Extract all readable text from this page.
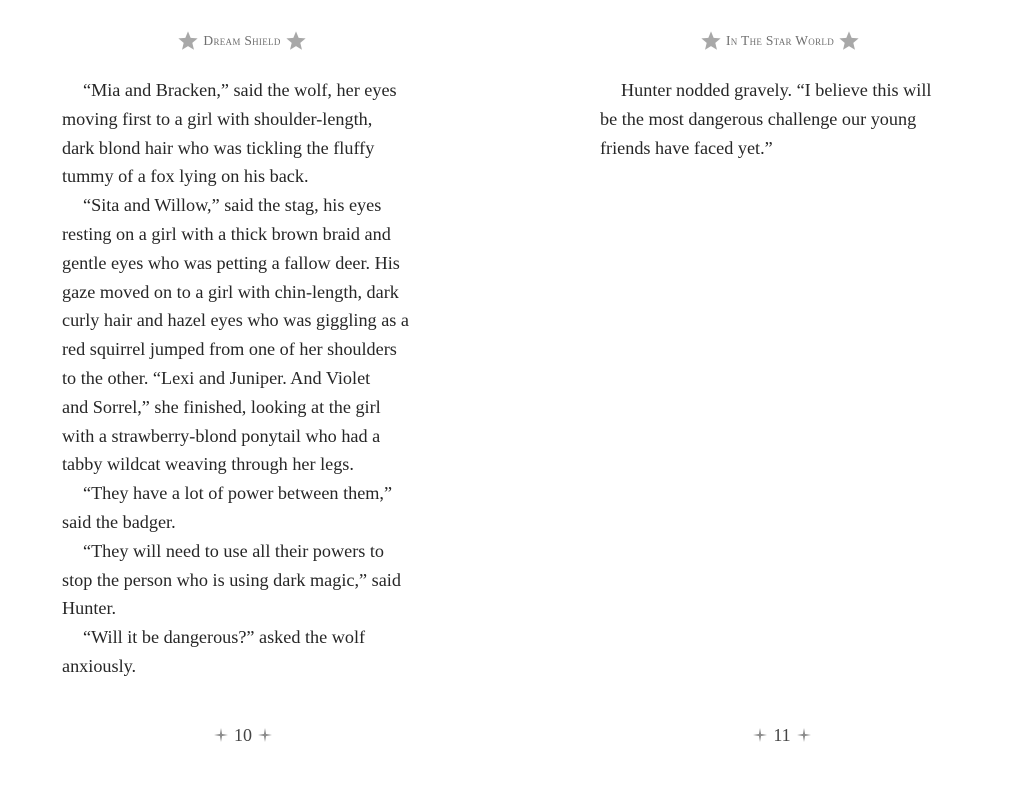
Dream Shield
“Mia and Bracken,” said the wolf, her eyes
moving first to a girl with shoulder-length,
dark blond hair who was tickling the fluffy
tummy of a fox lying on his back.
“Sita and Willow,” said the stag, his eyes
resting on a girl with a thick brown braid and
gentle eyes who was petting a fallow deer. His
gaze moved on to a girl with chin-length, dark
curly hair and hazel eyes who was giggling as a
red squirrel jumped from one of her shoulders
to the other. “Lexi and Juniper. And Violet
and Sorrel,” she finished, looking at the girl
with a strawberry-blond ponytail who had a
tabby wildcat weaving through her legs.
“They have a lot of power between them,”
said the badger.
“They will need to use all their powers to
stop the person who is using dark magic,” said
Hunter.
“Will it be dangerous?” asked the wolf
anxiously.
10
In The Star World
Hunter nodded gravely. “I believe this will
be the most dangerous challenge our young
friends have faced yet.”
11
